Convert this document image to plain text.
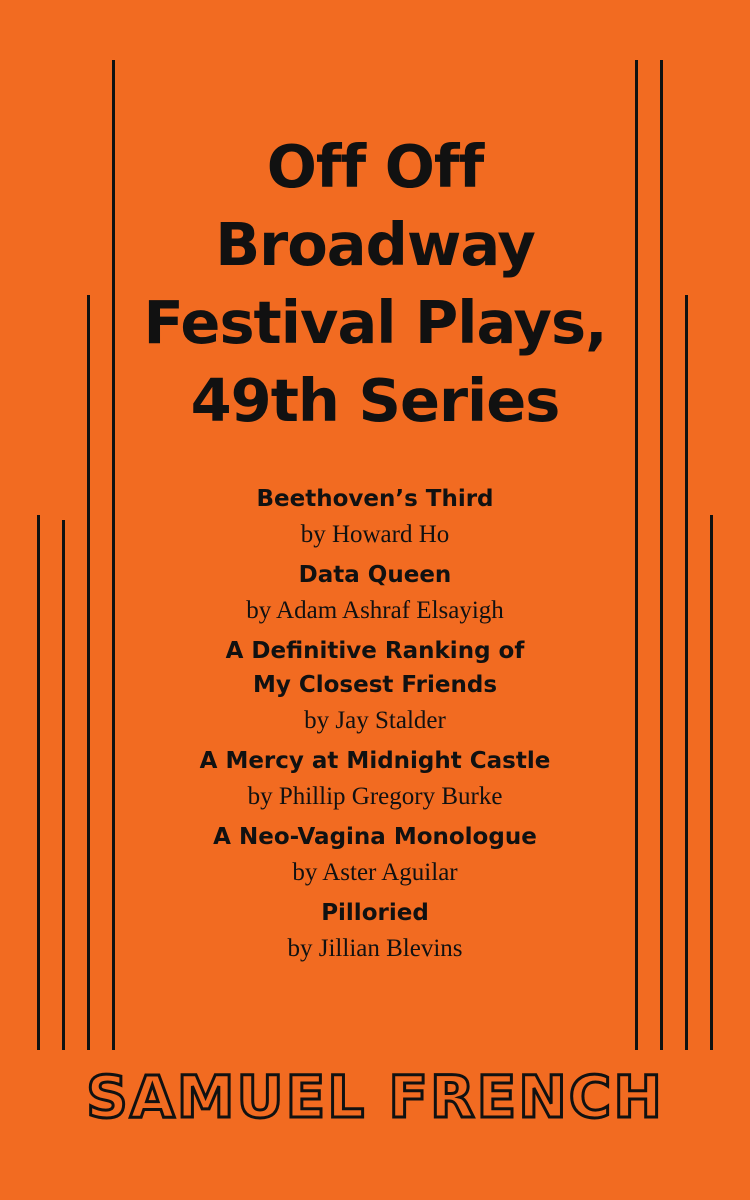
Off Off
Broadway
Festival Plays,
49th Series
Beethoven’s Third
by Howard Ho
Data Queen
by Adam Ashraf Elsayigh
A Definitive Ranking of
My Closest Friends
by Jay Stalder
A Mercy at Midnight Castle
by Phillip Gregory Burke
A Neo-Vagina Monologue
by Aster Aguilar
Pilloried
by Jillian Blevins
SAMUEL FRENCH
